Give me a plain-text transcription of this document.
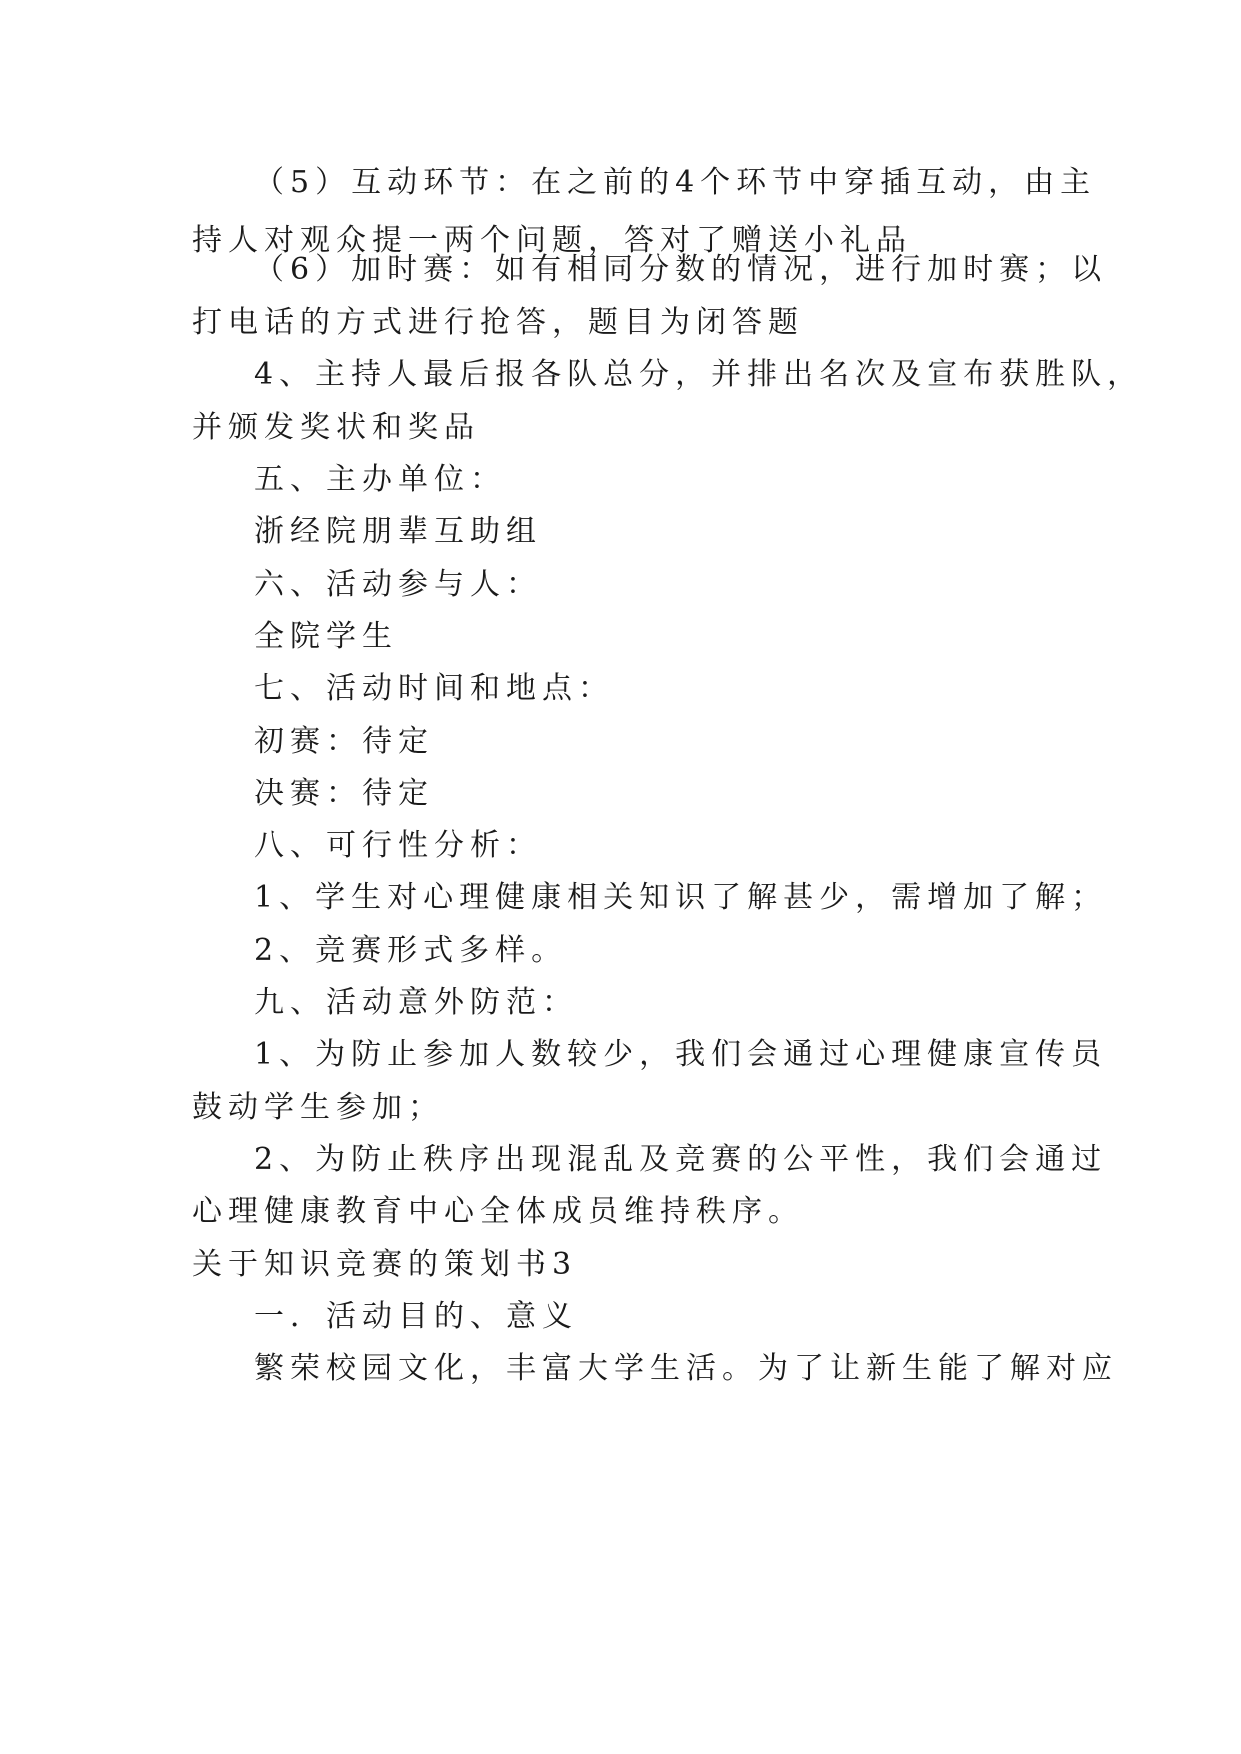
（5）互动环节：在之前的4个环节中穿插互动，由主
持人对观众提一两个问题，答对了赠送小礼品
（6）加时赛：如有相同分数的情况，进行加时赛；以
打电话的方式进行抢答，题目为闭答题
4、主持人最后报各队总分，并排出名次及宣布获胜队，
并颁发奖状和奖品
五、主办单位：
浙经院朋辈互助组
六、活动参与人：
全院学生
七、活动时间和地点：
初赛：待定
决赛：待定
八、可行性分析：
1、学生对心理健康相关知识了解甚少，需增加了解；
2、竞赛形式多样。
九、活动意外防范：
1、为防止参加人数较少，我们会通过心理健康宣传员
鼓动学生参加；
2、为防止秩序出现混乱及竞赛的公平性，我们会通过
心理健康教育中心全体成员维持秩序。
关于知识竞赛的策划书3
一．活动目的、意义
繁荣校园文化，丰富大学生活。为了让新生能了解对应
